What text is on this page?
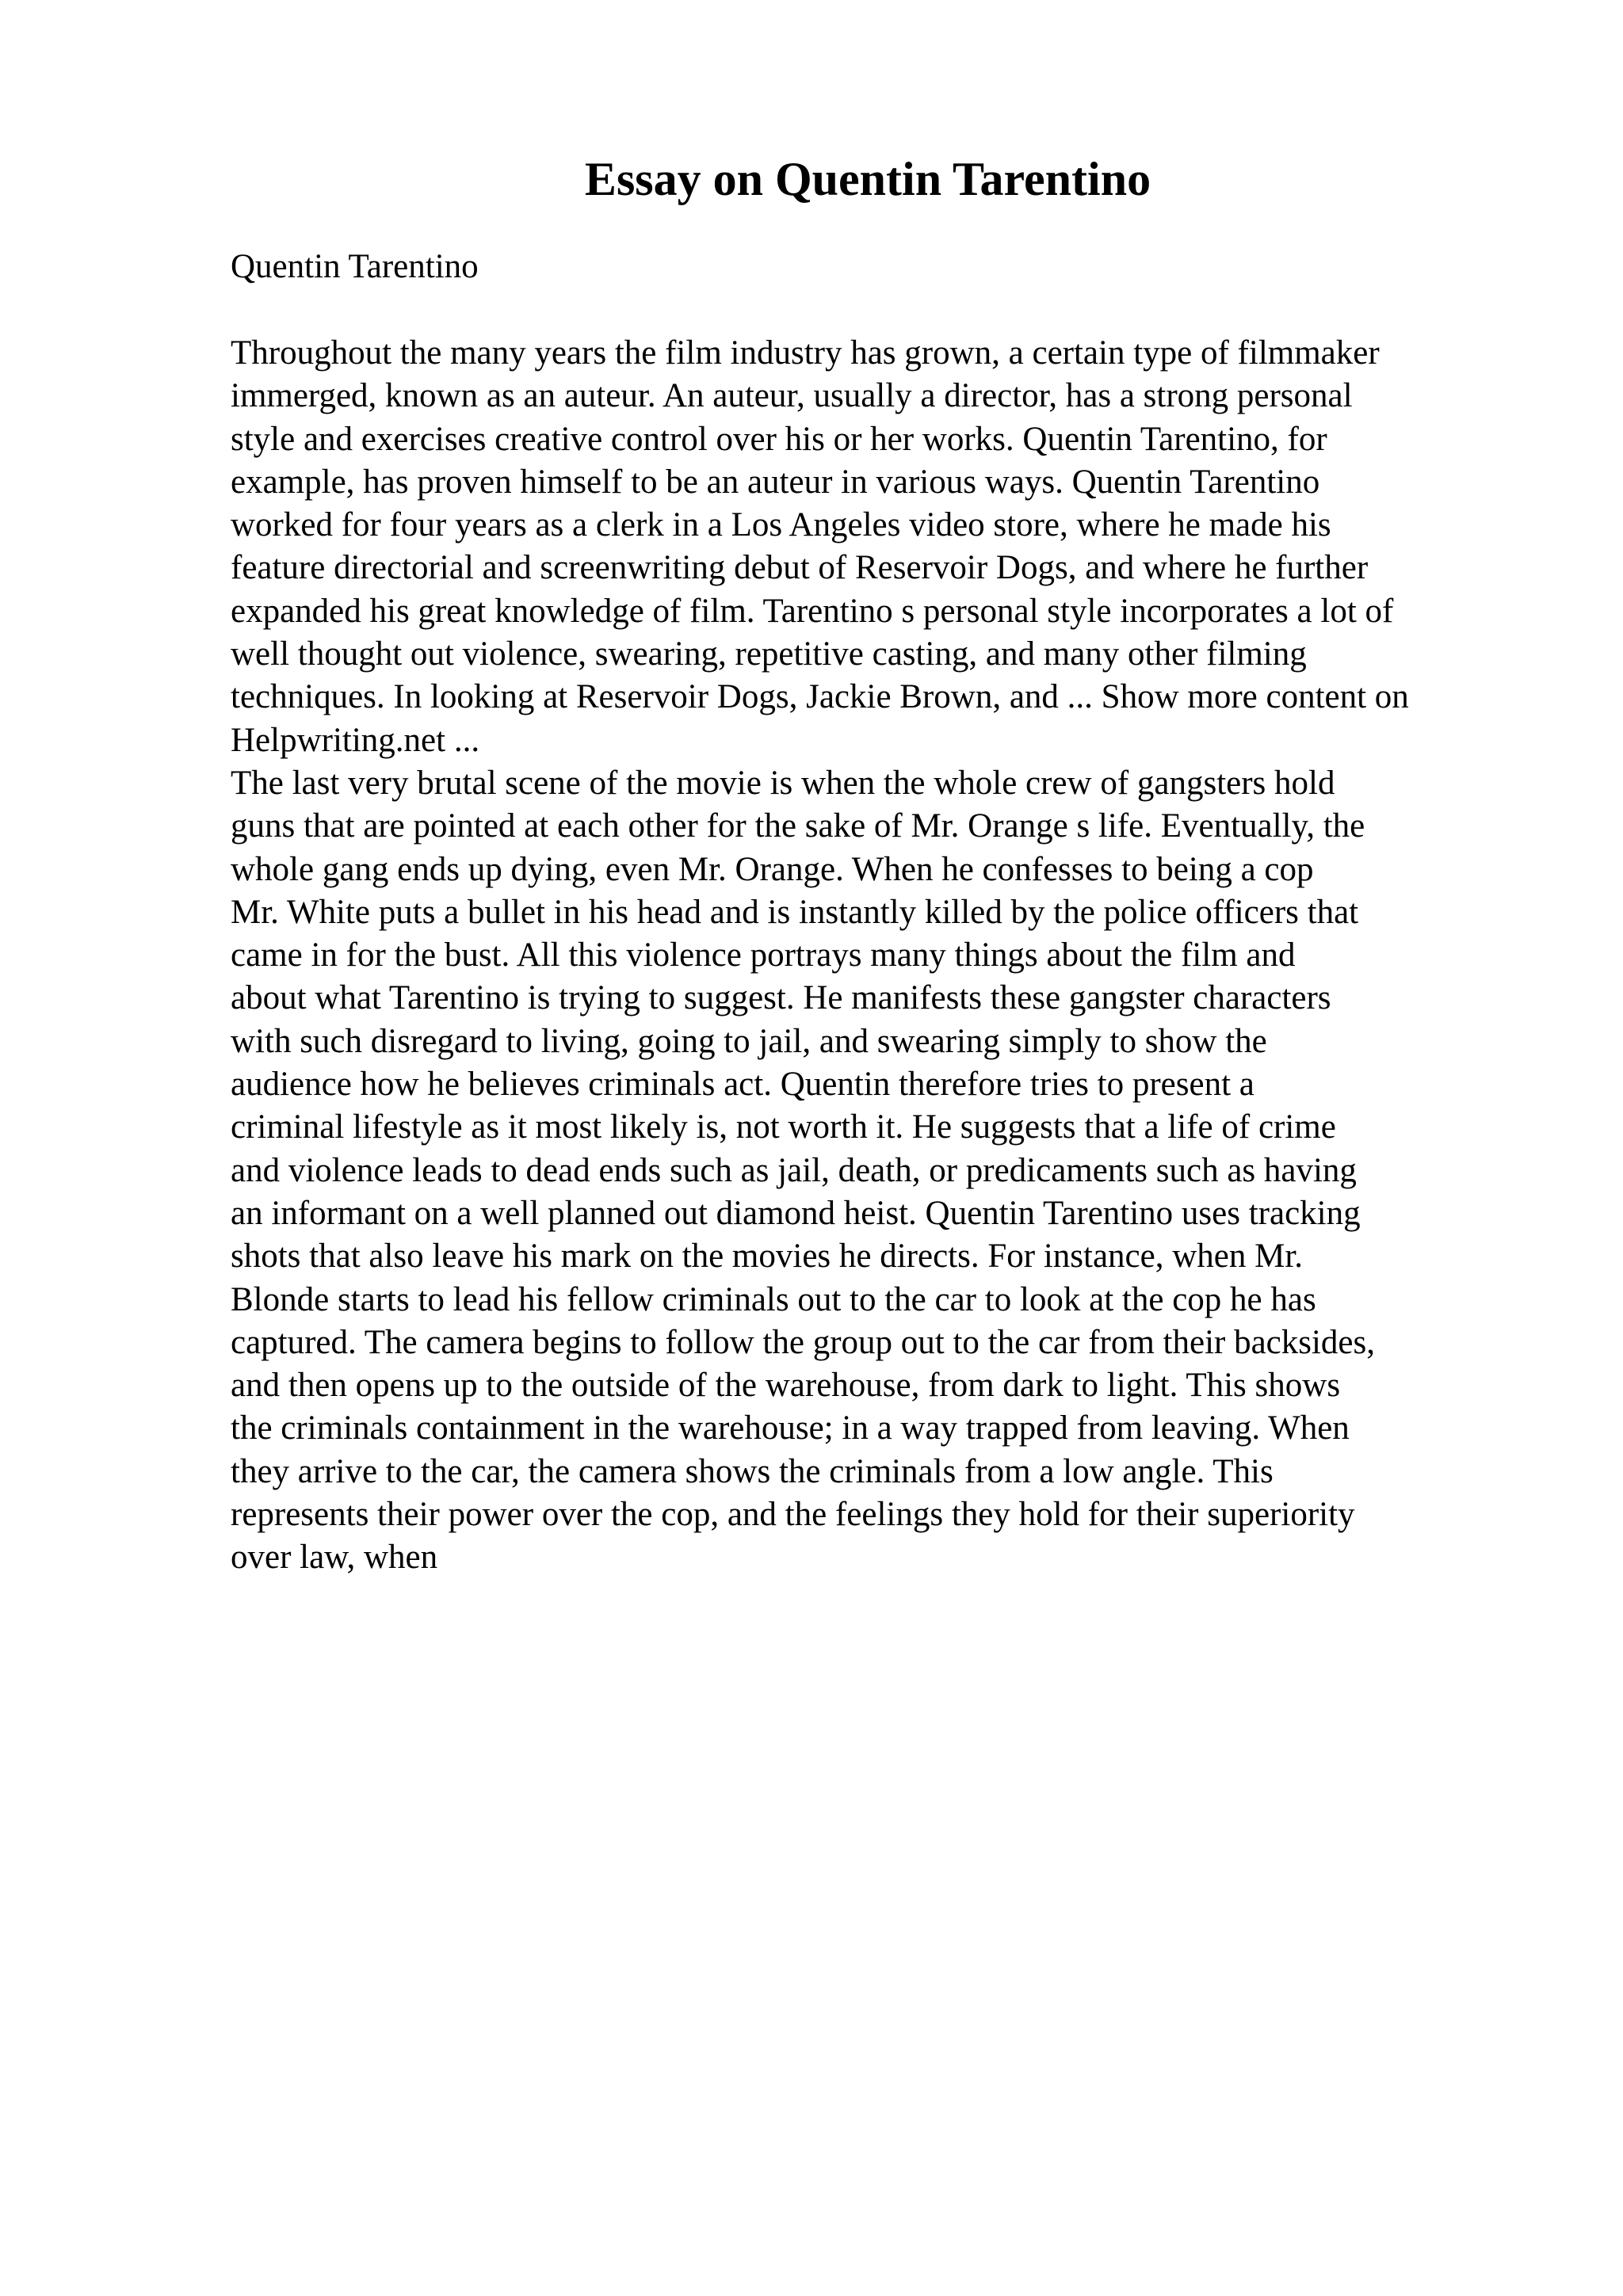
Essay on Quentin Tarentino

Quentin Tarentino

Throughout the many years the film industry has grown, a certain type of filmmaker
immerged, known as an auteur. An auteur, usually a director, has a strong personal
style and exercises creative control over his or her works. Quentin Tarentino, for
example, has proven himself to be an auteur in various ways. Quentin Tarentino
worked for four years as a clerk in a Los Angeles video store, where he made his
feature directorial and screenwriting debut of Reservoir Dogs, and where he further
expanded his great knowledge of film. Tarentino s personal style incorporates a lot of
well thought out violence, swearing, repetitive casting, and many other filming
techniques. In looking at Reservoir Dogs, Jackie Brown, and ... Show more content on
Helpwriting.net ...
The last very brutal scene of the movie is when the whole crew of gangsters hold
guns that are pointed at each other for the sake of Mr. Orange s life. Eventually, the
whole gang ends up dying, even Mr. Orange. When he confesses to being a cop
Mr. White puts a bullet in his head and is instantly killed by the police officers that
came in for the bust. All this violence portrays many things about the film and
about what Tarentino is trying to suggest. He manifests these gangster characters
with such disregard to living, going to jail, and swearing simply to show the
audience how he believes criminals act. Quentin therefore tries to present a
criminal lifestyle as it most likely is, not worth it. He suggests that a life of crime
and violence leads to dead ends such as jail, death, or predicaments such as having
an informant on a well planned out diamond heist. Quentin Tarentino uses tracking
shots that also leave his mark on the movies he directs. For instance, when Mr.
Blonde starts to lead his fellow criminals out to the car to look at the cop he has
captured. The camera begins to follow the group out to the car from their backsides,
and then opens up to the outside of the warehouse, from dark to light. This shows
the criminals containment in the warehouse; in a way trapped from leaving. When
they arrive to the car, the camera shows the criminals from a low angle. This
represents their power over the cop, and the feelings they hold for their superiority
over law, when
